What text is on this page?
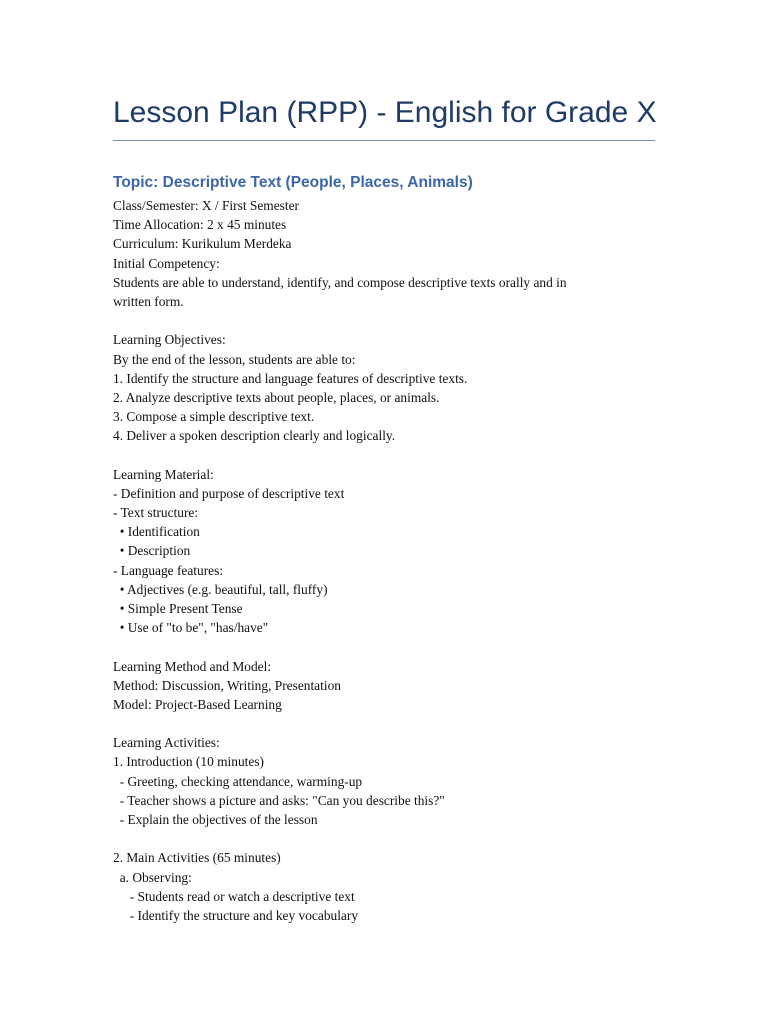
Lesson Plan (RPP) - English for Grade X
Topic: Descriptive Text (People, Places, Animals)
Class/Semester: X / First Semester
Time Allocation: 2 x 45 minutes
Curriculum: Kurikulum Merdeka
Initial Competency:
Students are able to understand, identify, and compose descriptive texts orally and in
written form.
Learning Objectives:
By the end of the lesson, students are able to:
1. Identify the structure and language features of descriptive texts.
2. Analyze descriptive texts about people, places, or animals.
3. Compose a simple descriptive text.
4. Deliver a spoken description clearly and logically.
Learning Material:
- Definition and purpose of descriptive text
- Text structure:
• Identification
• Description
- Language features:
• Adjectives (e.g. beautiful, tall, fluffy)
• Simple Present Tense
• Use of "to be", "has/have"
Learning Method and Model:
Method: Discussion, Writing, Presentation
Model: Project-Based Learning
Learning Activities:
1. Introduction (10 minutes)
- Greeting, checking attendance, warming-up
- Teacher shows a picture and asks: "Can you describe this?"
- Explain the objectives of the lesson
2. Main Activities (65 minutes)
a. Observing:
- Students read or watch a descriptive text
- Identify the structure and key vocabulary
